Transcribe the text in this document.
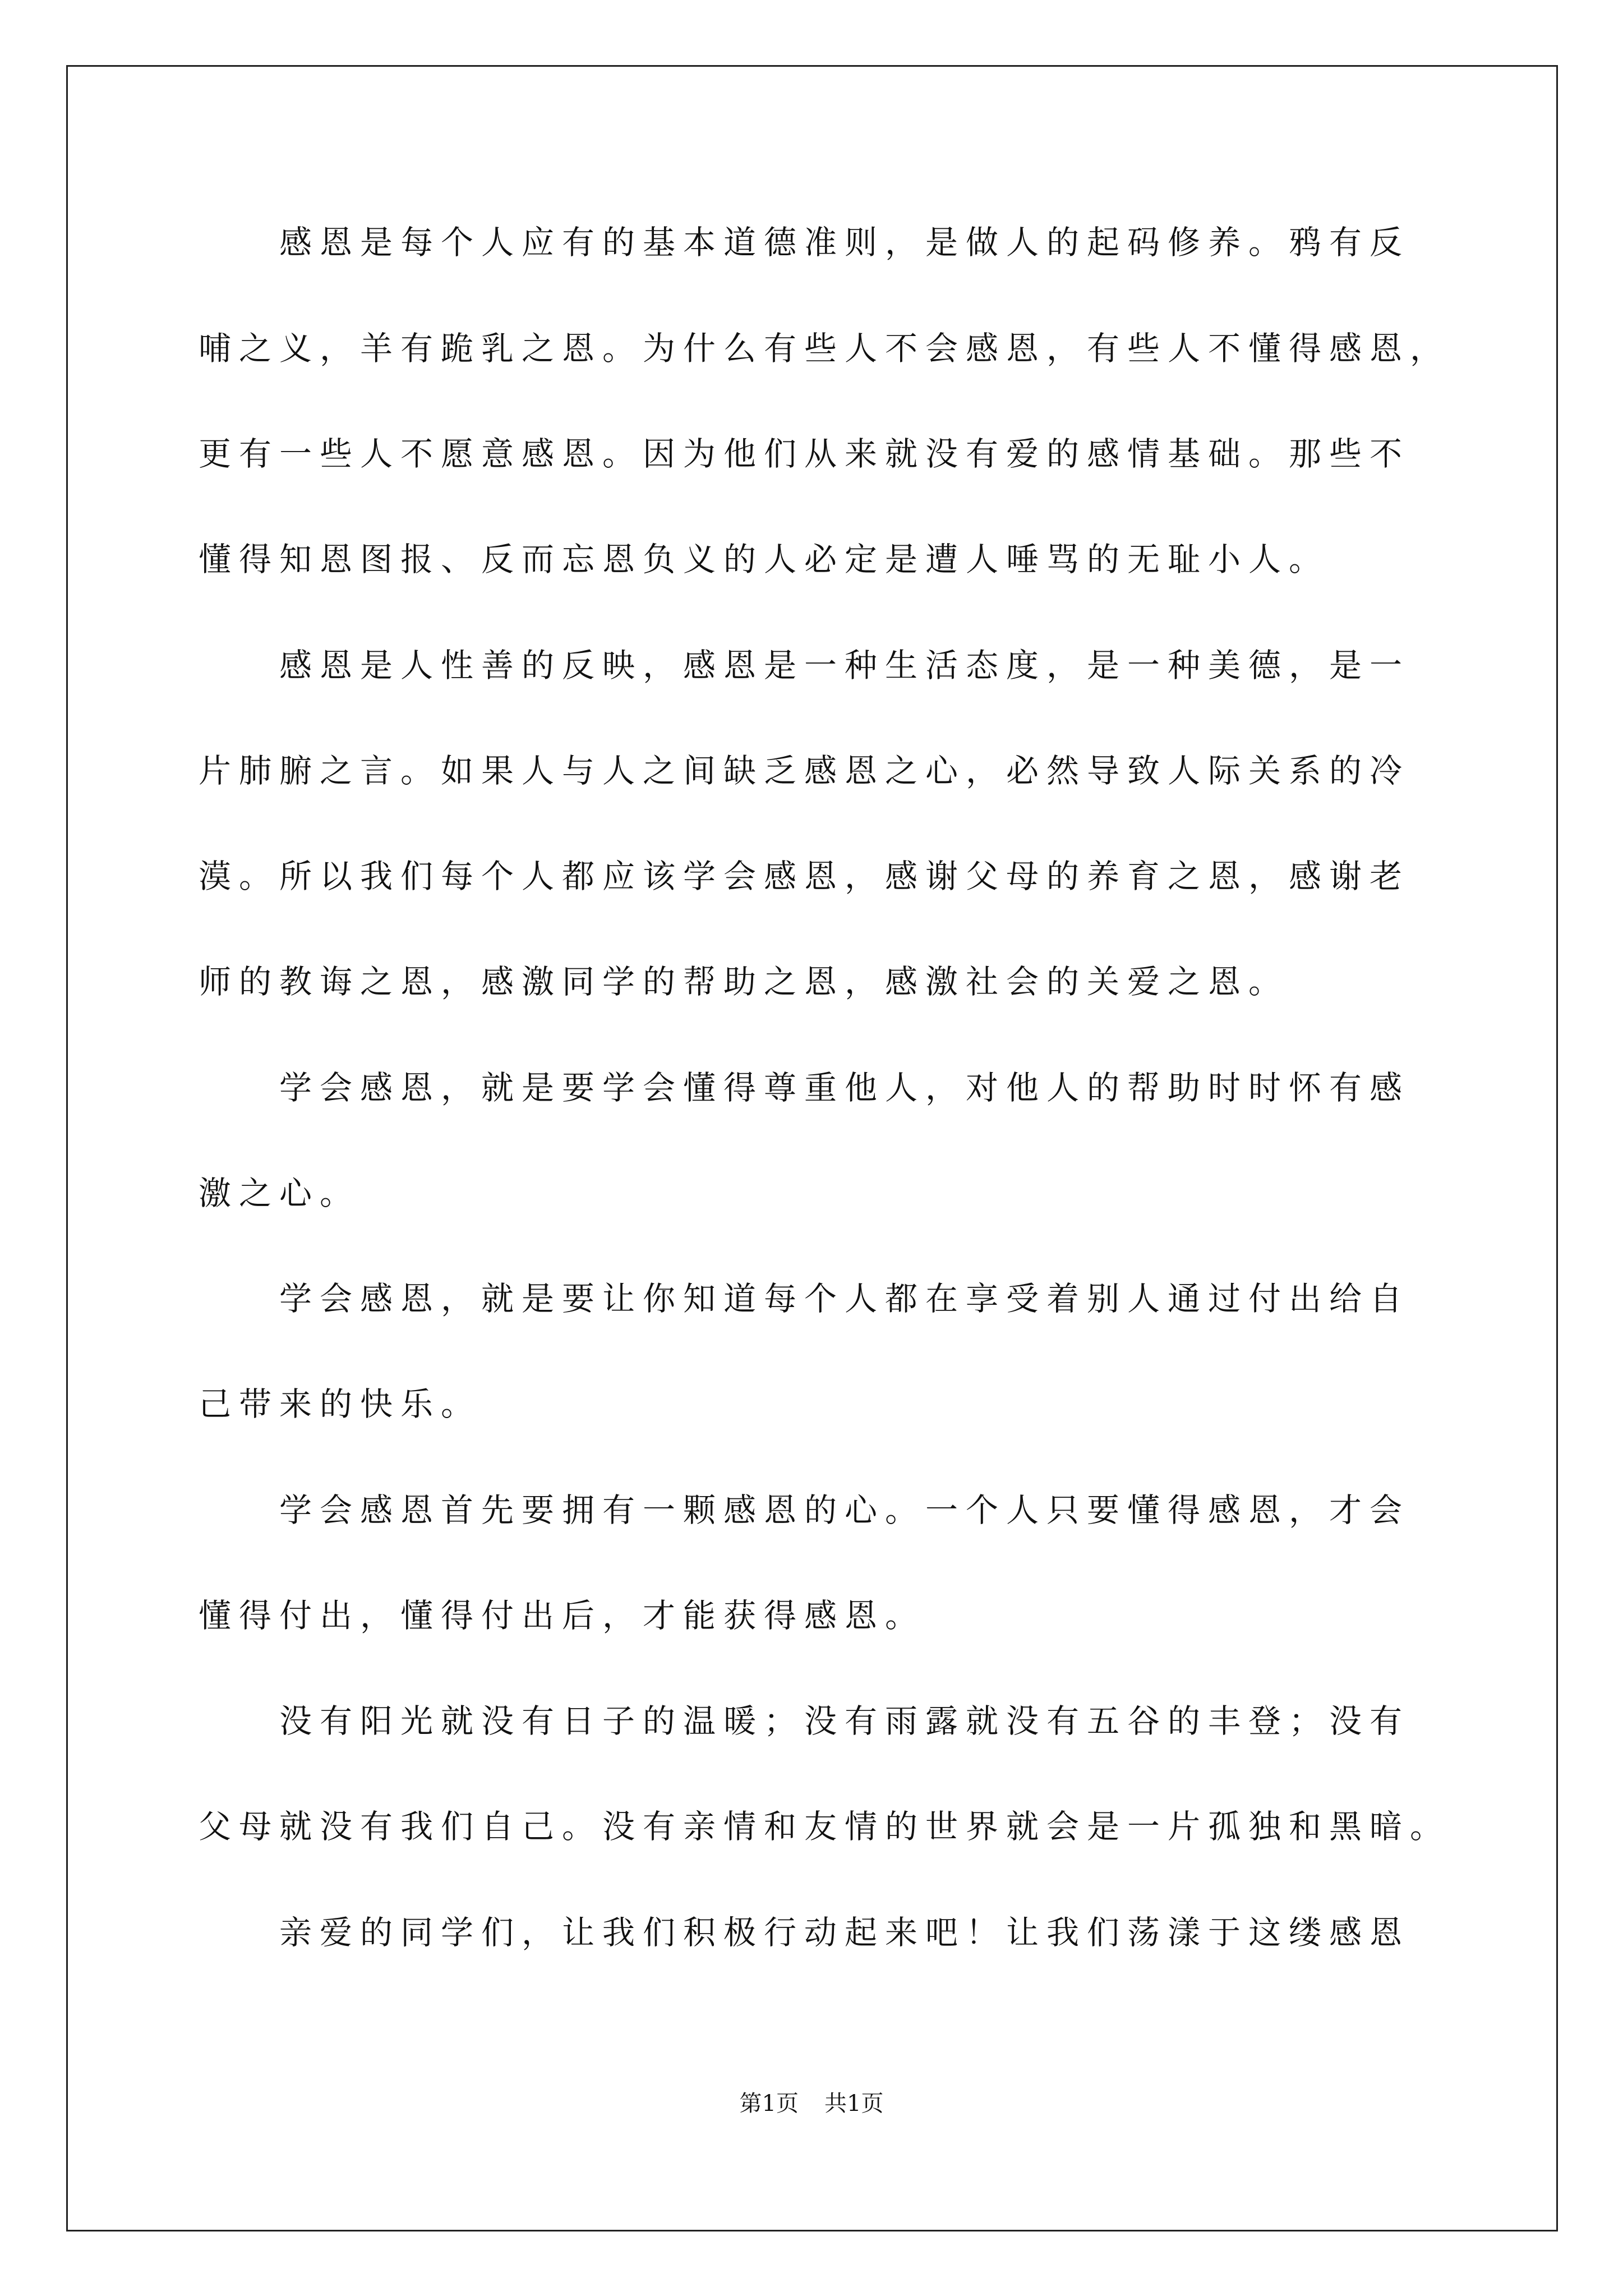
　　感恩是每个人应有的基本道德准则，是做人的起码修养。鸦有反
哺之义，羊有跪乳之恩。为什么有些人不会感恩，有些人不懂得感恩，
更有一些人不愿意感恩。因为他们从来就没有爱的感情基础。那些不
懂得知恩图报、反而忘恩负义的人必定是遭人唾骂的无耻小人。
　　感恩是人性善的反映，感恩是一种生活态度，是一种美德，是一
片肺腑之言。如果人与人之间缺乏感恩之心，必然导致人际关系的冷
漠。所以我们每个人都应该学会感恩，感谢父母的养育之恩，感谢老
师的教诲之恩，感激同学的帮助之恩，感激社会的关爱之恩。
　　学会感恩，就是要学会懂得尊重他人，对他人的帮助时时怀有感
激之心。
　　学会感恩，就是要让你知道每个人都在享受着别人通过付出给自
己带来的快乐。
　　学会感恩首先要拥有一颗感恩的心。一个人只要懂得感恩，才会
懂得付出，懂得付出后，才能获得感恩。
　　没有阳光就没有日子的温暖；没有雨露就没有五谷的丰登；没有
父母就没有我们自己。没有亲情和友情的世界就会是一片孤独和黑暗。
　　亲爱的同学们，让我们积极行动起来吧！让我们荡漾于这缕感恩
第1页 共1页
